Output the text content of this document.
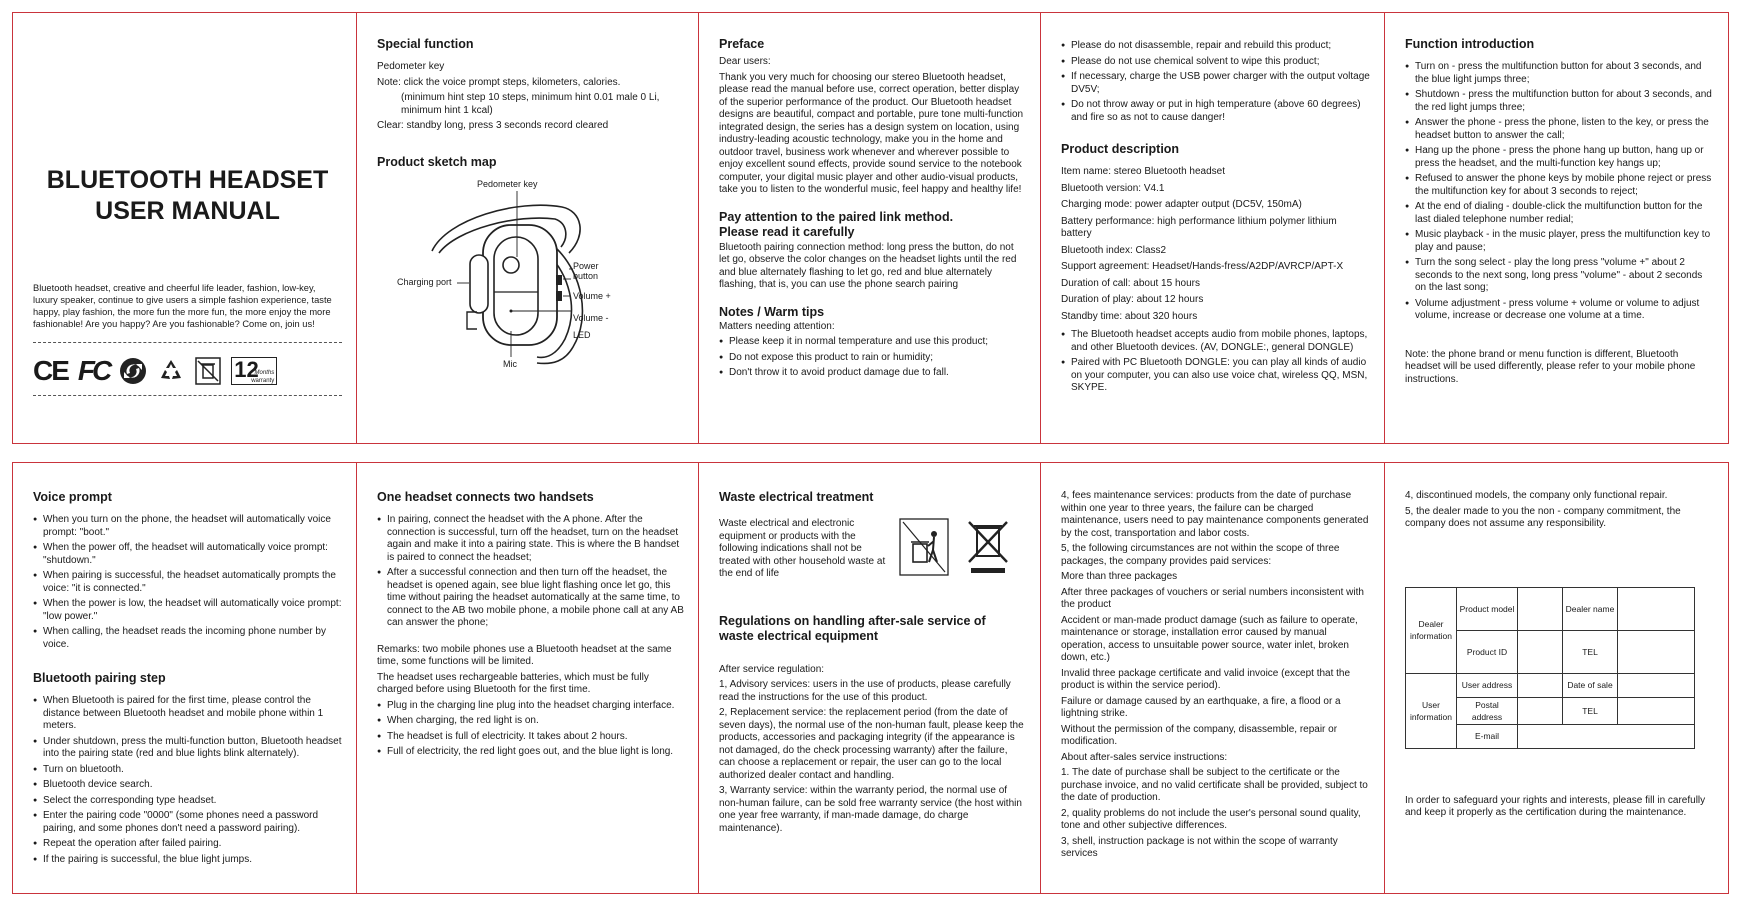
BLUETOOTH HEADSET
USER MANUAL
Bluetooth headset, creative and cheerful life leader, fashion, low-key, luxury speaker, continue to give users a simple fashion experience, taste happy, play fashion, the more fun the more fun, the more enjoy the more fashionable! Are you happy? Are you fashionable? Come on, join us!
CE FC	12
Months
warranty
Special function

Pedometer key

Note: click the voice prompt steps, kilometers, calories.

(minimum hint step 10 steps, minimum hint 0.01 male 0 Li, minimum hint 1 kcal)

Clear: standby long, press 3 seconds record cleared

Product sketch map
Pedometer key
Power button
Volume +
Volume -
LED
Charging port
Mic
Preface

Dear users:

Thank you very much for choosing our stereo Bluetooth headset, please read the manual before use, correct operation, better display of the superior performance of the product. Our Bluetooth headset designs are beautiful, compact and portable, pure tone multi-function integrated design, the series has a design system on location, using industry-leading acoustic technology, make you in the home and outdoor travel, business work whenever and wherever possible to enjoy excellent sound effects, provide sound service to the notebook computer, your digital music player and other audio-visual products, take you to listen to the wonderful music, feel happy and healthy life!

Pay attention to the paired link method.
Please read it carefully

Bluetooth pairing connection method: long press the button, do not let go, observe the color changes on the headset lights until the red and blue alternately flashing to let go, red and blue alternately flashing, that is, you can use the phone search pairing

Notes / Warm tips

Matters needing attention:

● Please keep it in normal temperature and use this product;
● Do not expose this product to rain or humidity;
● Don't throw it to avoid product damage due to fall.
● Please do not disassemble, repair and rebuild this product;
● Please do not use chemical solvent to wipe this product;
● If necessary, charge the USB power charger with the output voltage DV5V;
● Do not throw away or put in high temperature (above 60 degrees) and fire so as not to cause danger!
Product description

Item name: stereo Bluetooth headset

Bluetooth version: V4.1

Charging mode: power adapter output (DC5V, 150mA)

Battery performance: high performance lithium polymer lithium battery

Bluetooth index: Class2

Support agreement: Headset/Hands-fress/A2DP/AVRCP/APT-X

Duration of call: about 15 hours

Duration of play: about 12 hours

Standby time: about 320 hours

● The Bluetooth headset accepts audio from mobile phones, laptops, and other Bluetooth devices. (AV, DONGLE:, general DONGLE)
● Paired with PC Bluetooth DONGLE: you can play all kinds of audio on your computer, you can also use voice chat, wireless QQ, MSN, SKYPE.
Function introduction
● Turn on - press the multifunction button for about 3 seconds, and the blue light jumps three;
● Shutdown - press the multifunction button for about 3 seconds, and the red light jumps three;
● Answer the phone - press the phone, listen to the key, or press the headset button to answer the call;
● Hang up the phone - press the phone hang up button, hang up or press the headset, and the multi-function key hangs up;
● Refused to answer the phone keys by mobile phone reject or press the multifunction key for about 3 seconds to reject;
● At the end of dialing - double-click the multifunction button for the last dialed telephone number redial;
● Music playback - in the music player, press the multifunction key to play and pause;
● Turn the song select - play the long press "volume +" about 2 seconds to the next song, long press "volume" - about 2 seconds on the last song;
● Volume adjustment - press volume + volume or volume to adjust volume, increase or decrease one volume at a time.

Note: the phone brand or menu function is different, Bluetooth headset will be used differently, please refer to your mobile phone instructions.

Voice prompt
● When you turn on the phone, the headset will automatically voice prompt: "boot."
● When the power off, the headset will automatically voice prompt: "shutdown."
● When pairing is successful, the headset automatically prompts the voice: "it is connected."
● When the power is low, the headset will automatically voice prompt: "low power."
● When calling, the headset reads the incoming phone number by voice.
Bluetooth pairing step
● When Bluetooth is paired for the first time, please control the distance between Bluetooth headset and mobile phone within 1 meters.
● Under shutdown, press the multi-function button, Bluetooth headset into the pairing state (red and blue lights blink alternately).
● Turn on bluetooth.
● Bluetooth device search.
● Select the corresponding type headset.
● Enter the pairing code "0000" (some phones need a password pairing, and some phones don't need a password pairing).
● Repeat the operation after failed pairing.
● If the pairing is successful, the blue light jumps.
One headset connects two handsets
● In pairing, connect the headset with the A phone. After the connection is successful, turn off the headset, turn on the headset again and make it into a pairing state. This is where the B handset is paired to connect the headset;
● After a successful connection and then turn off the headset, the headset is opened again, see blue light flashing once let go, this time without pairing the headset automatically at the same time, to connect to the AB two mobile phone, a mobile phone call at any AB can answer the phone;

Remarks: two mobile phones use a Bluetooth headset at the same time, some functions will be limited.

The headset uses rechargeable batteries, which must be fully charged before using Bluetooth for the first time.

● Plug in the charging line plug into the headset charging interface.
● When charging, the red light is on.
● The headset is full of electricity. It takes about 2 hours.
● Full of electricity, the red light goes out, and the blue light is long.
Waste electrical treatment

Waste electrical and electronic equipment or products with the following indications shall not be treated with other household waste at the end of life

Regulations on handling after-sale service of
waste electrical equipment

After service regulation:

1, Advisory services: users in the use of products, please carefully read the instructions for the use of this product.

2, Replacement service: the replacement period (from the date of seven days), the normal use of the non-human fault, please keep the products, accessories and packaging integrity (if the appearance is not damaged, do the check processing warranty) after the failure, can choose a replacement or repair, the user can go to the local authorized dealer contact and handling.

3, Warranty service: within the warranty period, the normal use of non-human failure, can be sold free warranty service (the host within one year free warranty, if man-made damage, do charge maintenance).

4, fees maintenance services: products from the date of purchase within one year to three years, the failure can be charged maintenance, users need to pay maintenance components generated by the cost, transportation and labor costs.

5, the following circumstances are not within the scope of three packages, the company provides paid services:

More than three packages

After three packages of vouchers or serial numbers inconsistent with the product

Accident or man-made product damage (such as failure to operate, maintenance or storage, installation error caused by manual operation, access to unsuitable power source, water inlet, broken down, etc.)

Invalid three package certificate and valid invoice (except that the product is within the service period).

Failure or damage caused by an earthquake, a fire, a flood or a lightning strike.

Without the permission of the company, disassemble, repair or modification.

About after-sales service instructions:

1. The date of purchase shall be subject to the certificate or the purchase invoice, and no valid certificate shall be provided, subject to the date of production.

2, quality problems do not include the user's personal sound quality, tone and other subjective differences.

3, shell, instruction package is not within the scope of warranty services

4, discontinued models, the company only functional repair.

5, the dealer made to you the non - company commitment, the company does not assume any responsibility.

Dealer information	Product model		Dealer name	
	Product ID		TEL	
User information	User address		Date of sale	
	Postal address		TEL	
	E-mail			

In order to safeguard your rights and interests, please fill in carefully and keep it properly as the certification during the maintenance.
